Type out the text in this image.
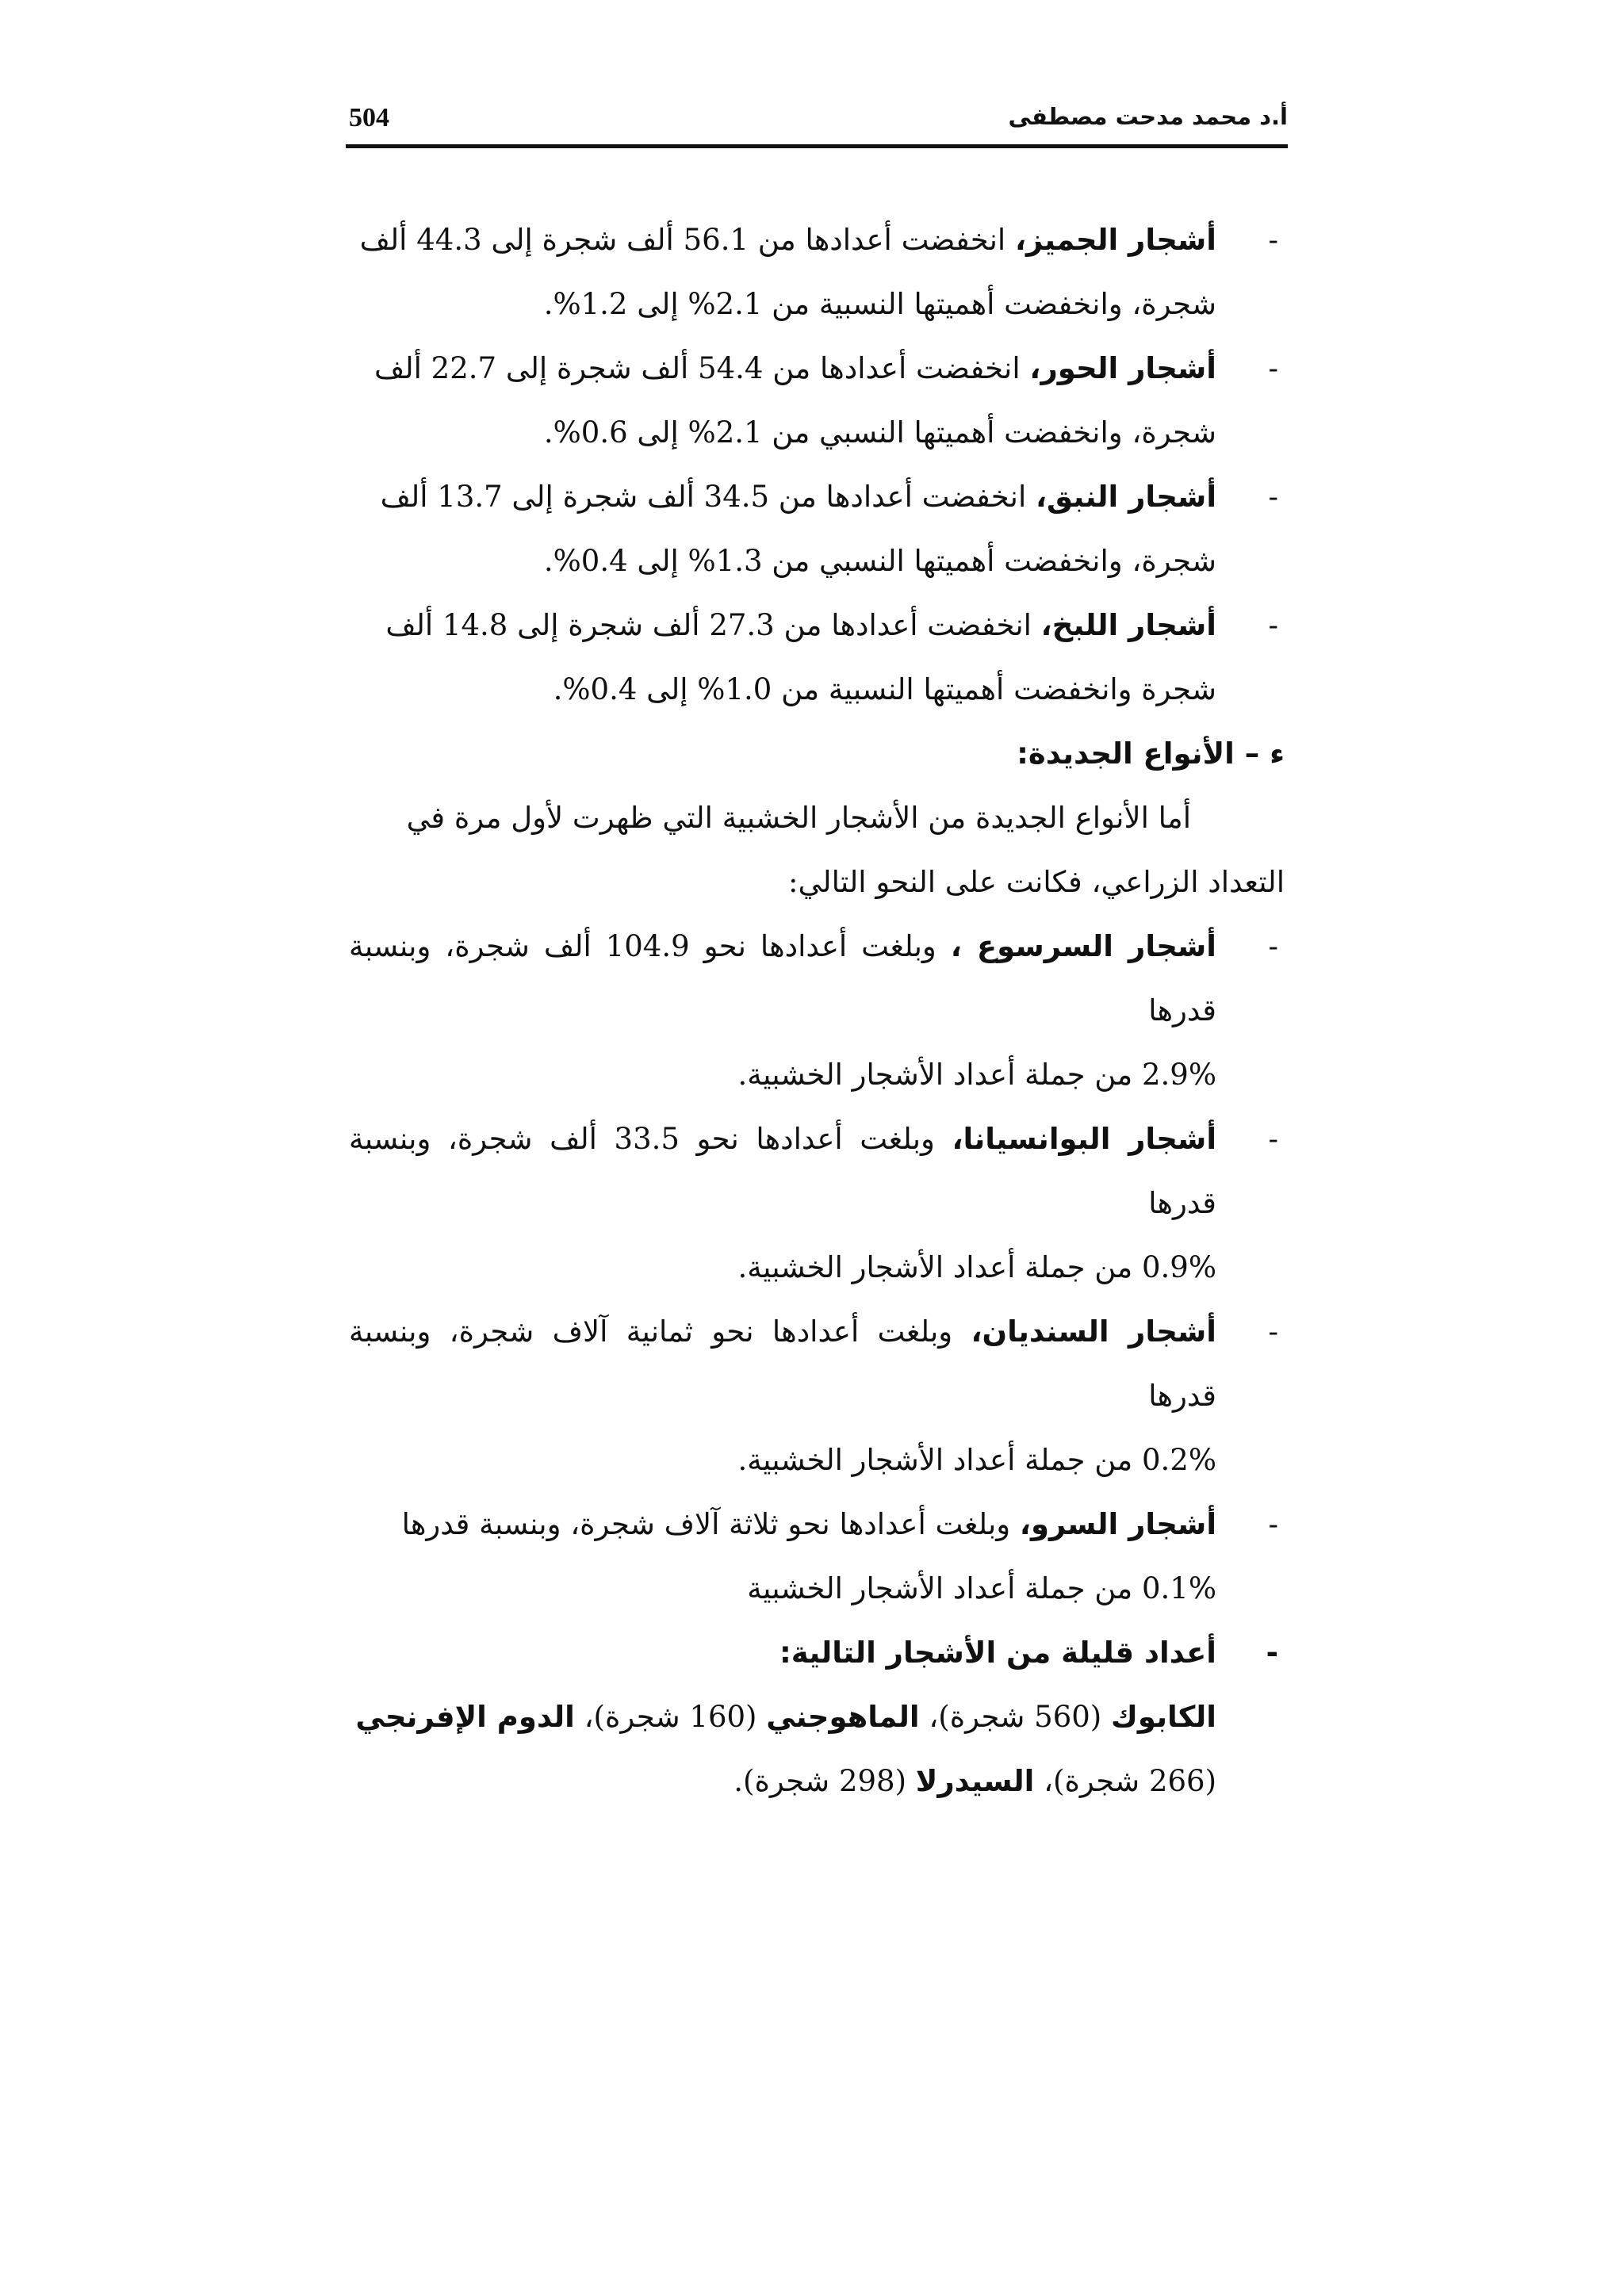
504	أ.د محمد مدحت مصطفى

-
أشجار الجميز، انخفضت أعدادها من 56.1 ألف شجرة إلى 44.3 ألف
شجرة، وانخفضت أهميتها النسبية من 2.1% إلى 1.2%.

-
أشجار الحور، انخفضت أعدادها من 54.4 ألف شجرة إلى 22.7 ألف
شجرة، وانخفضت أهميتها النسبي من 2.1% إلى 0.6%.

-
أشجار النبق، انخفضت أعدادها من 34.5 ألف شجرة إلى 13.7 ألف
شجرة، وانخفضت أهميتها النسبي من 1.3% إلى 0.4%.

-
أشجار اللبخ، انخفضت أعدادها من 27.3 ألف شجرة إلى 14.8 ألف
شجرة وانخفضت أهميتها النسبية من 1.0% إلى 0.4%.

ء – الأنواع الجديدة:

أما الأنواع الجديدة من الأشجار الخشبية التي ظهرت لأول مرة في
التعداد الزراعي، فكانت على النحو التالي:

-
أشجار السرسوع ، وبلغت أعدادها نحو 104.9 ألف شجرة، وبنسبة قدرها
2.9% من جملة أعداد الأشجار الخشبية.

-
أشجار البوانسيانا، وبلغت أعدادها نحو 33.5 ألف شجرة، وبنسبة قدرها
0.9% من جملة أعداد الأشجار الخشبية.

-
أشجار السنديان، وبلغت أعدادها نحو ثمانية آلاف شجرة، وبنسبة قدرها
0.2% من جملة أعداد الأشجار الخشبية.

-
أشجار السرو، وبلغت أعدادها نحو ثلاثة آلاف شجرة، وبنسبة قدرها
0.1% من جملة أعداد الأشجار الخشبية

-
أعداد قليلة من الأشجار التالية:

الكابوك (560 شجرة)، الماهوجني (160 شجرة)، الدوم الإفرنجي
(266 شجرة)، السيدرلا (298 شجرة).
